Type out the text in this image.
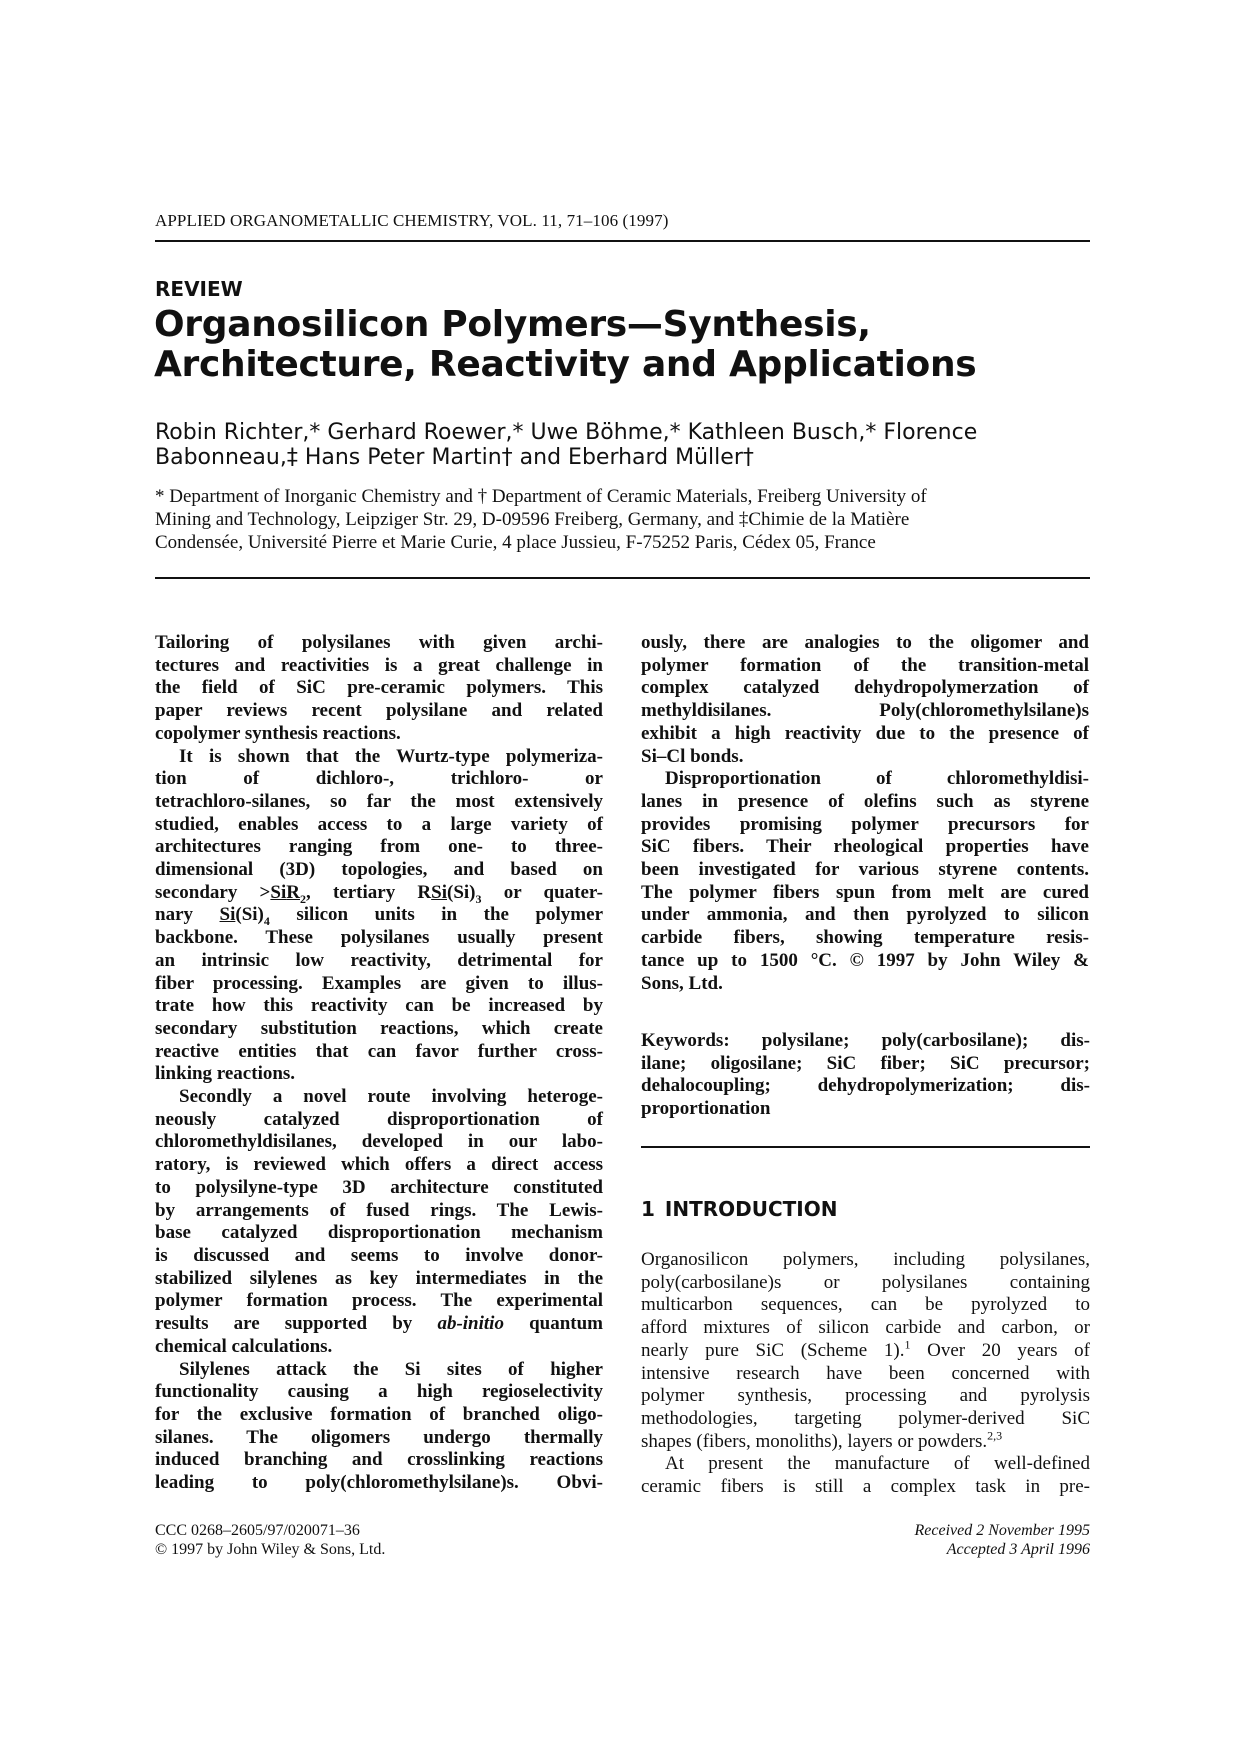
APPLIED ORGANOMETALLIC CHEMISTRY, VOL. 11, 71–106 (1997)
REVIEW
Organosilicon Polymers—Synthesis,
Architecture, Reactivity and Applications
Robin Richter,* Gerhard Roewer,* Uwe Böhme,* Kathleen Busch,* Florence
Babonneau,‡ Hans Peter Martin† and Eberhard Müller†
* Department of Inorganic Chemistry and † Department of Ceramic Materials, Freiberg University of
Mining and Technology, Leipziger Str. 29, D-09596 Freiberg, Germany, and ‡Chimie de la Matière
Condensée, Université Pierre et Marie Curie, 4 place Jussieu, F-75252 Paris, Cédex 05, France
Tailoring of polysilanes with given archi-
tectures and reactivities is a great challenge in
the field of SiC pre-ceramic polymers. This
paper reviews recent polysilane and related
copolymer synthesis reactions.
It is shown that the Wurtz-type polymeriza-
tion of dichloro-, trichloro- or
tetrachloro-silanes, so far the most extensively
studied, enables access to a large variety of
architectures ranging from one- to three-
dimensional (3D) topologies, and based on
secondary >SiR$_2$, tertiary $RSi(Si)_3$ or quater-
nary $Si(Si)_4$ silicon units in the polymer
backbone. These polysilanes usually present
an intrinsic low reactivity, detrimental for
fiber processing. Examples are given to illus-
trate how this reactivity can be increased by
secondary substitution reactions, which create
reactive entities that can favor further cross-
linking reactions.
Secondly a novel route involving heteroge-
neously catalyzed disproportionation of
chloromethyldisilanes, developed in our labo-
ratory, is reviewed which offers a direct access
to polysilyne-type 3D architecture constituted
by arrangements of fused rings. The Lewis-
base catalyzed disproportionation mechanism
is discussed and seems to involve donor-
stabilized silylenes as key intermediates in the
polymer formation process. The experimental
results are supported by ab-initio quantum
chemical calculations.
Silylenes attack the Si sites of higher
functionality causing a high regioselectivity
for the exclusive formation of branched oligo-
silanes. The oligomers undergo thermally
induced branching and crosslinking reactions
leading to poly(chloromethylsilane)s. Obvi-
ously, there are analogies to the oligomer and
polymer formation of the transition-metal
complex catalyzed dehydropolymerzation of
methyldisilanes. Poly(chloromethylsilane)s
exhibit a high reactivity due to the presence of
Si–Cl bonds.
Disproportionation of chloromethyldisi-
lanes in presence of olefins such as styrene
provides promising polymer precursors for
SiC fibers. Their rheological properties have
been investigated for various styrene contents.
The polymer fibers spun from melt are cured
under ammonia, and then pyrolyzed to silicon
carbide fibers, showing temperature resis-
tance up to 1500 °C. © 1997 by John Wiley &
Sons, Ltd.
Keywords: polysilane; poly(carbosilane); dis-
ilane; oligosilane; SiC fiber; SiC precursor;
dehalocoupling; dehydropolymerization; dis-
proportionation
1 INTRODUCTION
Organosilicon polymers, including polysilanes,
poly(carbosilane)s or polysilanes containing
multicarbon sequences, can be pyrolyzed to
afford mixtures of silicon carbide and carbon, or
nearly pure SiC (Scheme 1).$^1$ Over 20 years of
intensive research have been concerned with
polymer synthesis, processing and pyrolysis
methodologies, targeting polymer-derived SiC
shapes (fibers, monoliths), layers or powders.$^{2,3}$
At present the manufacture of well-defined
ceramic fibers is still a complex task in pre-
CCC 0268–2605/97/020071–36
© 1997 by John Wiley & Sons, Ltd.
Received 2 November 1995
Accepted 3 April 1996
